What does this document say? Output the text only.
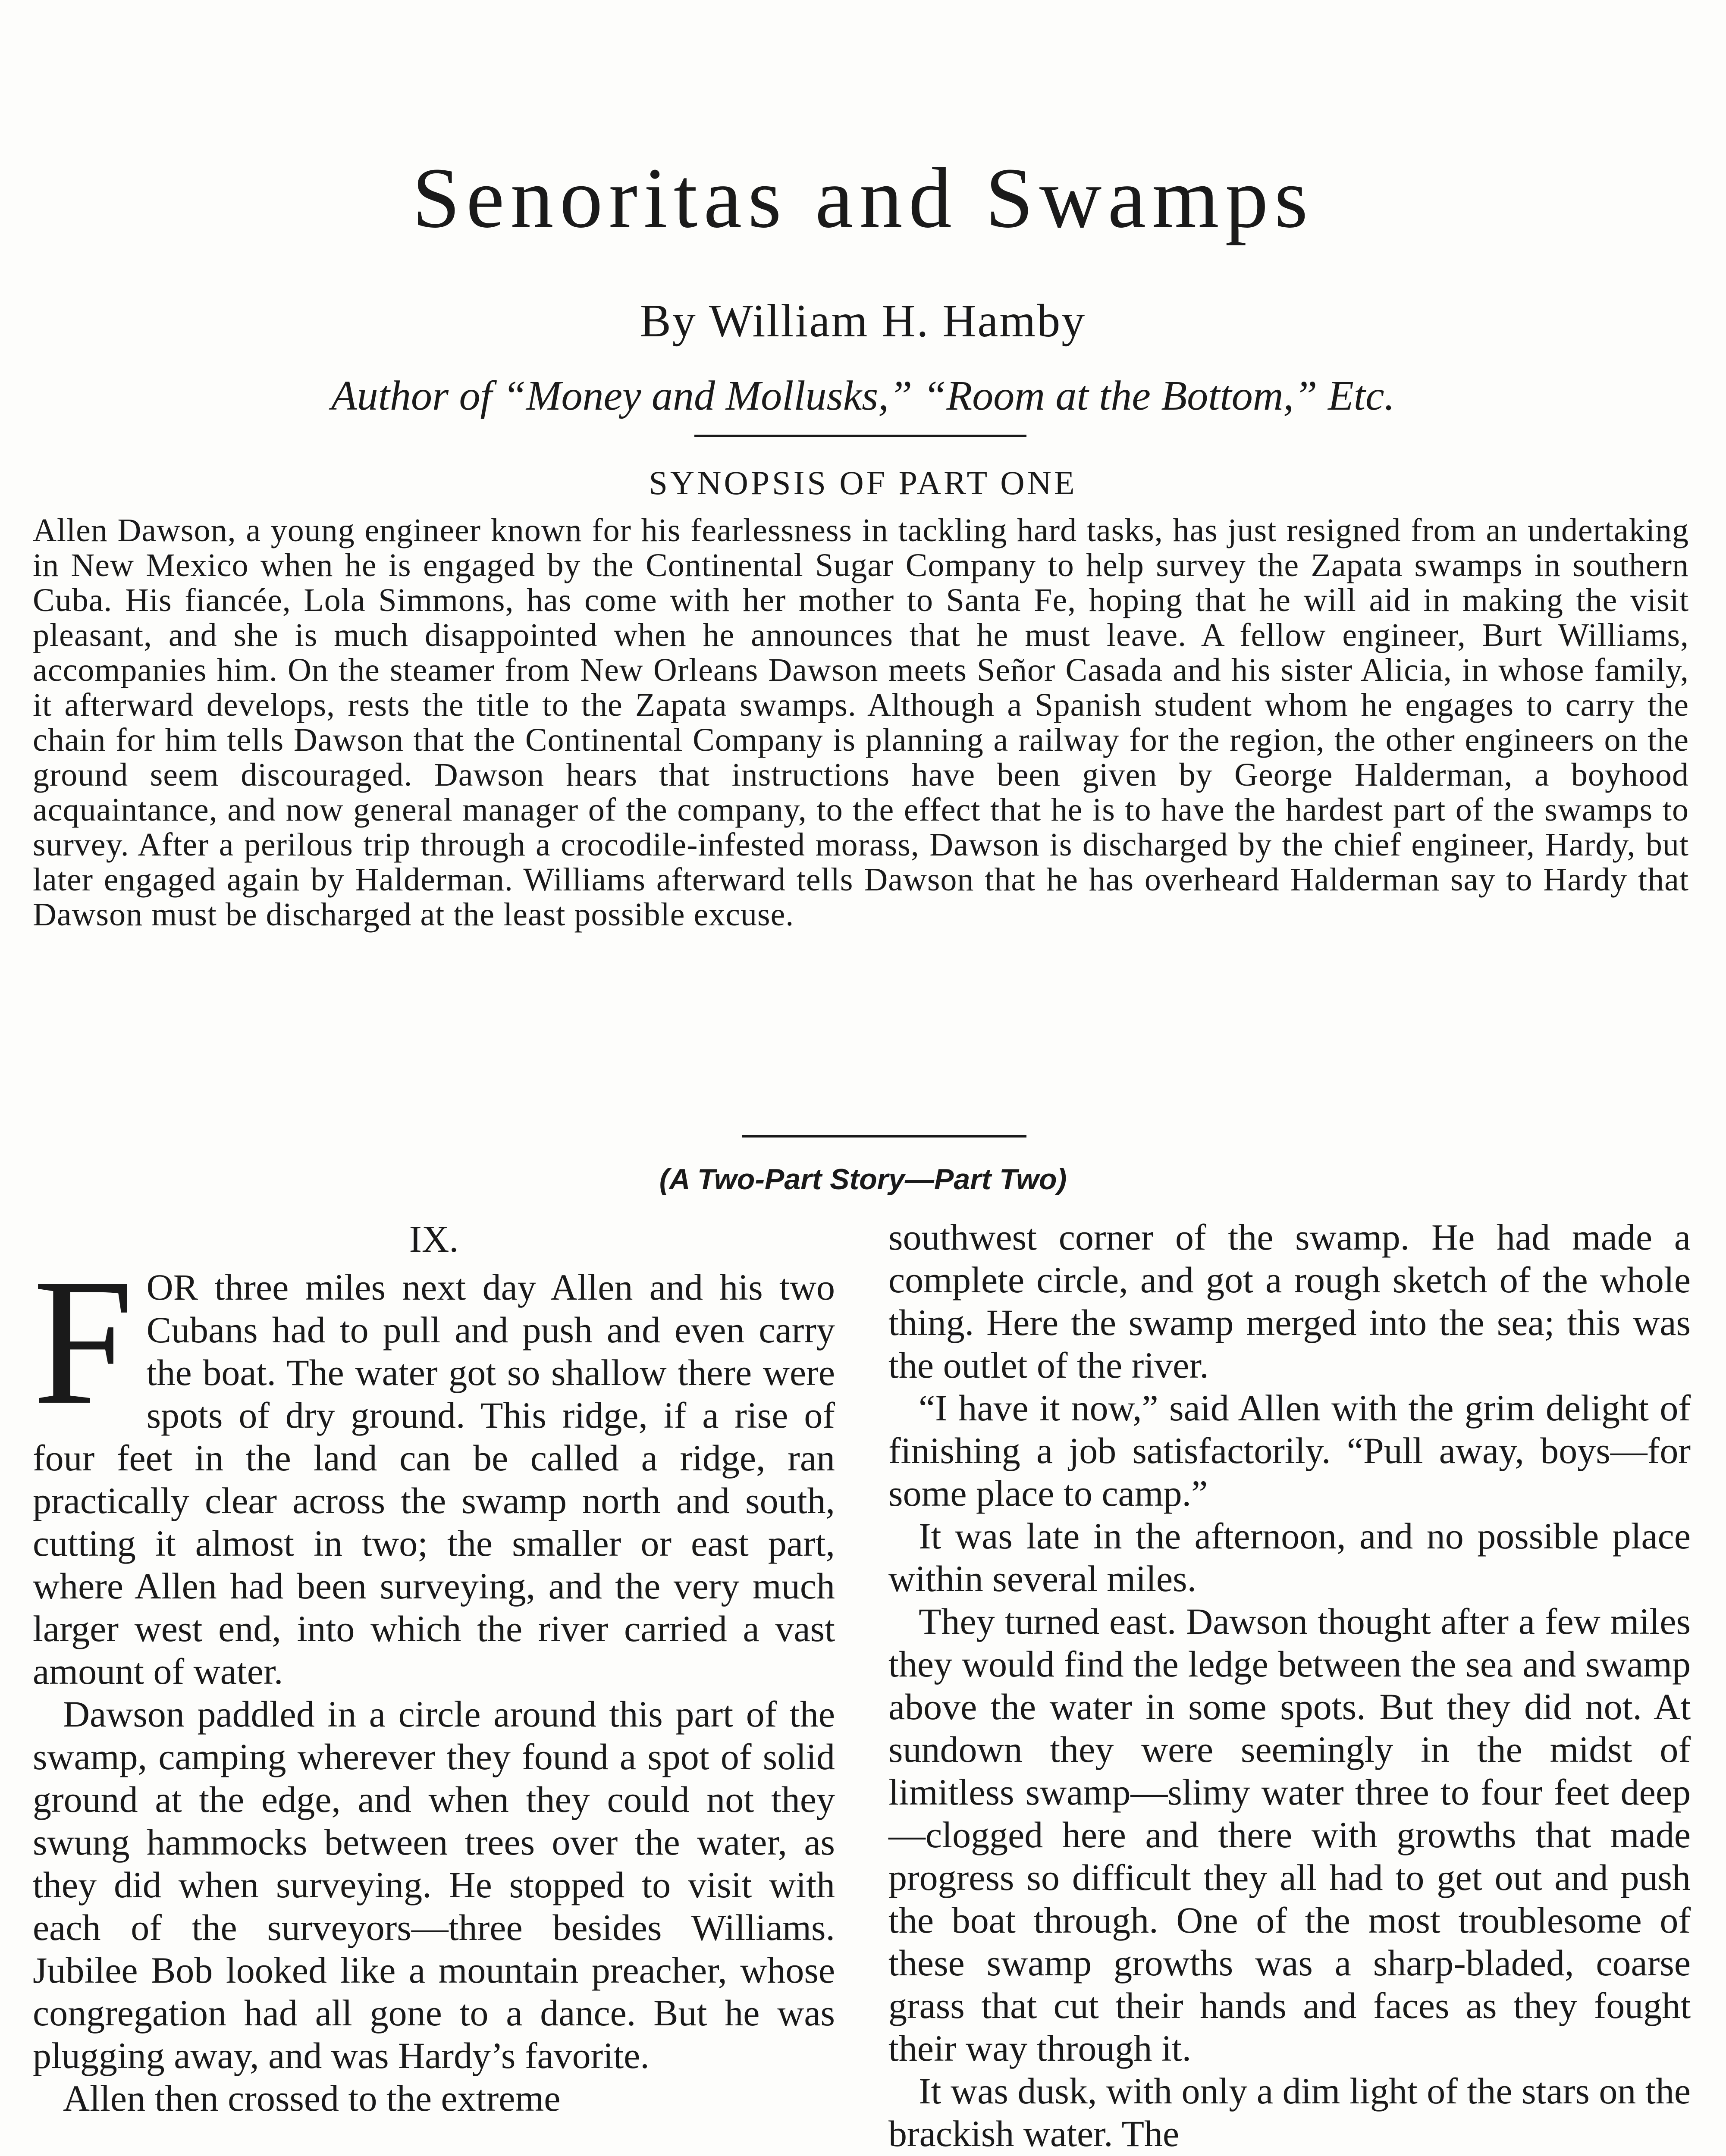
Senoritas and Swamps
By William H. Hamby
Author of “Money and Mollusks,” “Room at the Bottom,” Etc.
SYNOPSIS OF PART ONE

Allen Dawson, a young engineer known for his fearlessness in tackling hard tasks, has just resigned from an undertaking in New Mexico when he is engaged by the Continental Sugar Company to help survey the Zapata swamps in southern Cuba. His fiancée, Lola Simmons, has come with her mother to Santa Fe, hoping that he will aid in making the visit pleasant, and she is much disappointed when he announces that he must leave. A fellow engineer, Burt Williams, accompanies him. On the steamer from New Orleans Dawson meets Señor Casada and his sister Alicia, in whose family, it afterward develops, rests the title to the Zapata swamps. Although a Spanish student whom he engages to carry the chain for him tells Dawson that the Continental Company is planning a railway for the region, the other engineers on the ground seem discouraged. Dawson hears that instructions have been given by George Halderman, a boyhood acquaintance, and now general manager of the company, to the effect that he is to have the hardest part of the swamps to survey. After a perilous trip through a crocodile-infested morass, Dawson is discharged by the chief engineer, Hardy, but later engaged again by Halderman. Williams afterward tells Dawson that he has overheard Halderman say to Hardy that Dawson must be discharged at the least possible excuse.

(A Two-Part Story—Part Two)
IX.
F OR three miles next day Allen and his two Cubans had to pull and push and even carry the boat. The water got so shallow there were spots of dry ground. This ridge, if a rise of four feet in the land can be called a ridge, ran practically clear across the swamp north and south, cutting it almost in two; the smaller or east part, where Allen had been surveying, and the very much larger west end, into which the river carried a vast amount of water.

Dawson paddled in a circle around this part of the swamp, camping wherever they found a spot of solid ground at the edge, and when they could not they swung hammocks between trees over the water, as they did when surveying. He stopped to visit with each of the surveyors—three besides Williams. Jubilee Bob looked like a mountain preacher, whose congregation had all gone to a dance. But he was plugging away, and was Hardy’s favorite.

Allen then crossed to the extreme

southwest corner of the swamp. He had made a complete circle, and got a rough sketch of the whole thing. Here the swamp merged into the sea; this was the outlet of the river.

“I have it now,” said Allen with the grim delight of finishing a job satisfactorily. “Pull away, boys—for some place to camp.”

It was late in the afternoon, and no possible place within several miles.

They turned east. Dawson thought after a few miles they would find the ledge between the sea and swamp above the water in some spots. But they did not. At sundown they were seemingly in the midst of limitless swamp—slimy water three to four feet deep—clogged here and there with growths that made progress so difficult they all had to get out and push the boat through. One of the most troublesome of these swamp growths was a sharp-bladed, coarse grass that cut their hands and faces as they fought their way through it.

It was dusk, with only a dim light of the stars on the brackish water. The
